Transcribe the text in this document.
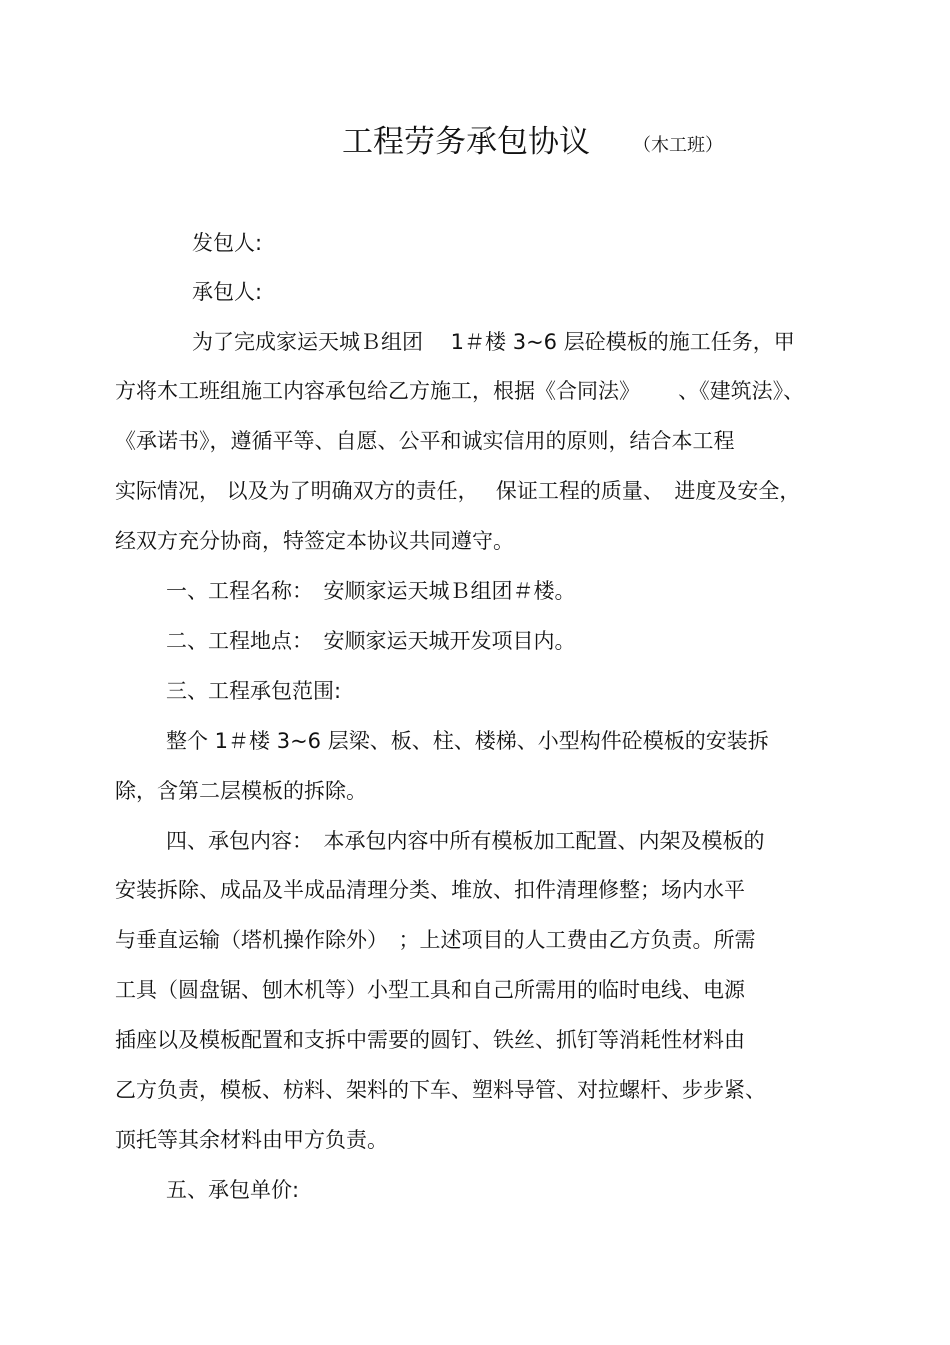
工程劳务承包协议 （木工班）
发包人:
承包人:
为了完成家运天城Ｂ组团　 1＃楼 3~6 层砼模板的施工任务，甲
方将木工班组施工内容承包给乙方施工，根据《合同法》　　 、《建筑法》、
《承诺书》，遵循平等、自愿、公平和诚实信用的原则，结合本工程
实际情况， 以及为了明确双方的责任，　 保证工程的质量、　进度及安全，
经双方充分协商，特签定本协议共同遵守。
一、工程名称：　安顺家运天城Ｂ组团＃楼。
二、工程地点：　安顺家运天城开发项目内。
三、工程承包范围:
整个 1＃楼 3~6 层梁、板、柱、楼梯、小型构件砼模板的安装拆
除，含第二层模板的拆除。
四、承包内容：　本承包内容中所有模板加工配置、内架及模板的
安装拆除、成品及半成品清理分类、堆放、扣件清理修整；场内水平
与垂直运输（塔机操作除外）　；上述项目的人工费由乙方负责。所需
工具（圆盘锯、刨木机等）小型工具和自己所需用的临时电线、电源
插座以及模板配置和支拆中需要的圆钉、铁丝、抓钉等消耗性材料由
乙方负责，模板、枋料、架料的下车、塑料导管、对拉螺杆、步步紧、
顶托等其余材料由甲方负责。
五、承包单价:
